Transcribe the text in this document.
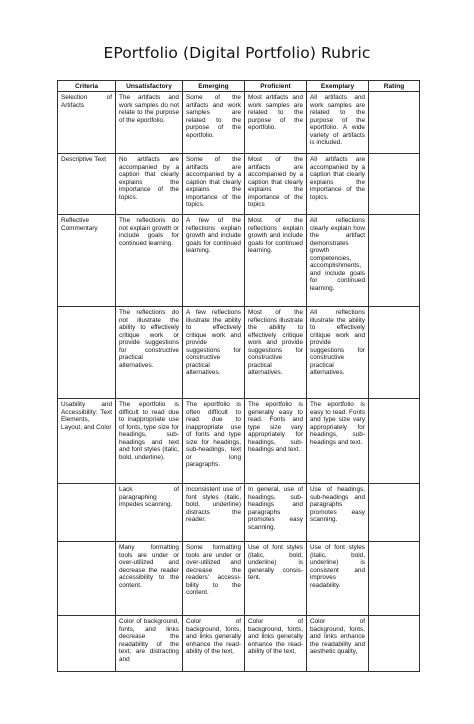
EPortfolio (Digital Portfolio) Rubric
Criteria	Unsatisfactory	Emerging	Proficient	Exemplary	Rating
Selection of Artifacts	The artifacts and work samples do not relate to the purpose of the eportfolio.	Some of the artifacts and work samples are related to the purpose of the eportfolio.	Most artifacts and work samples are related to the purpose of the eportfolio.	All artifacts and work samples are related to the purpose of the eportfolio. A wide variety of artifacts is included.	
Descriptive Text	No artifacts are accompanied by a caption that clearly explains the importance of the topics.	Some of the artifacts are accompanied by a caption that clearly explains the importance of the topics.	Most of the artifacts are accompanied by a caption that clearly explains the importance of the topics	All artifacts are accompanied by a caption that clearly explains the importance of the topics.	
Reflective Commentary	The reflections do not explain growth or include goals for continued learning.	A few of the reflections explain growth and include goals for continued learning.	Most of the reflections explain growth and include goals for continued learning.	All reflections clearly explain how the artifact demonstrates growth competencies, accomplishments, and include goals for continued learning.	
	The reflections do not illustrate the ability to effectively critique work or provide suggestions for constructive practical alternatives.	A few reflections illustrate the ability to effectively critique work and provide suggestions for constructive practical alternatives.	Most of the reflections illustrate the ability to effectively critique work and provide suggestions for constructive practical alternatives.	All reflections illustrate the ability to effectively critique work and provide suggestions for constructive practical alternatives.	
Usability and Accessibility: Text Elements, Layout, and Color	The eportfolio is difficult to read due to inappropriate use of fonts, type size for headings, sub-headings and text and font styles (italic, bold, underline).	The eportfolio is often difficult to read due to inappropriate use of fonts and type size for headings, sub-headings, text or long paragraphs.	The eportfolio is generally easy to read. Fonts and type size vary appropriately for headings, sub-headings and text.	The eportfolio is easy to read. Fonts and type size vary appropriately for headings, sub-headings and text.	
	Lack of paragraphing impedes scanning.	Inconsistent use of font styles (italic, bold, underline) distracts the reader.	In general, use of headings, sub-headings and paragraphs promotes easy scanning.	Use of headings, sub-headings and paragraphs promotes easy scanning.	
	Many formatting tools are under or over-utilized and decrease the reader accessibility to the content.	Some formatting tools are under or over-utilized and decrease the readers' accessi-bility to the content.	Use of font styles (italic, bold, underline) is generally consis-tent.	Use of font styles (italic, bold, underline) is consistent and improves readability.	
	Color of background, fonts, and links decrease the readability of the text, are distracting and	Color of background, fonts, and links generally enhance the read-ability of the text,	Color of background, fonts, and links generally enhance the read-ability of the text,	Color of background, fonts, and links enhance the readability and aesthetic quality,	
